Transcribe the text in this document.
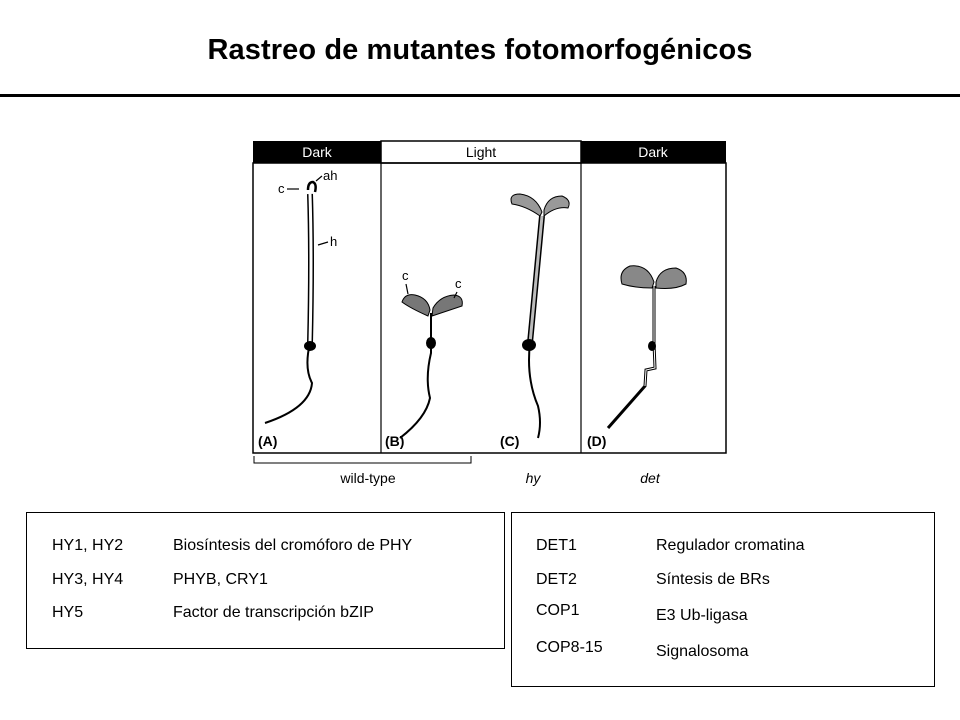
Rastreo de mutantes fotomorfogénicos
Dark	Light	Dark
c
ah
h
c
c
(A)	(B)	(C)	(D)
wild-type	hy	det
HY1, HY2	Biosíntesis del cromóforo de PHY
HY3, HY4	PHYB, CRY1
HY5	Factor de transcripción bZIP
DET1	Regulador cromatina
DET2	Síntesis de BRs
COP1	E3 Ub-ligasa
COP8-15	Signalosoma
